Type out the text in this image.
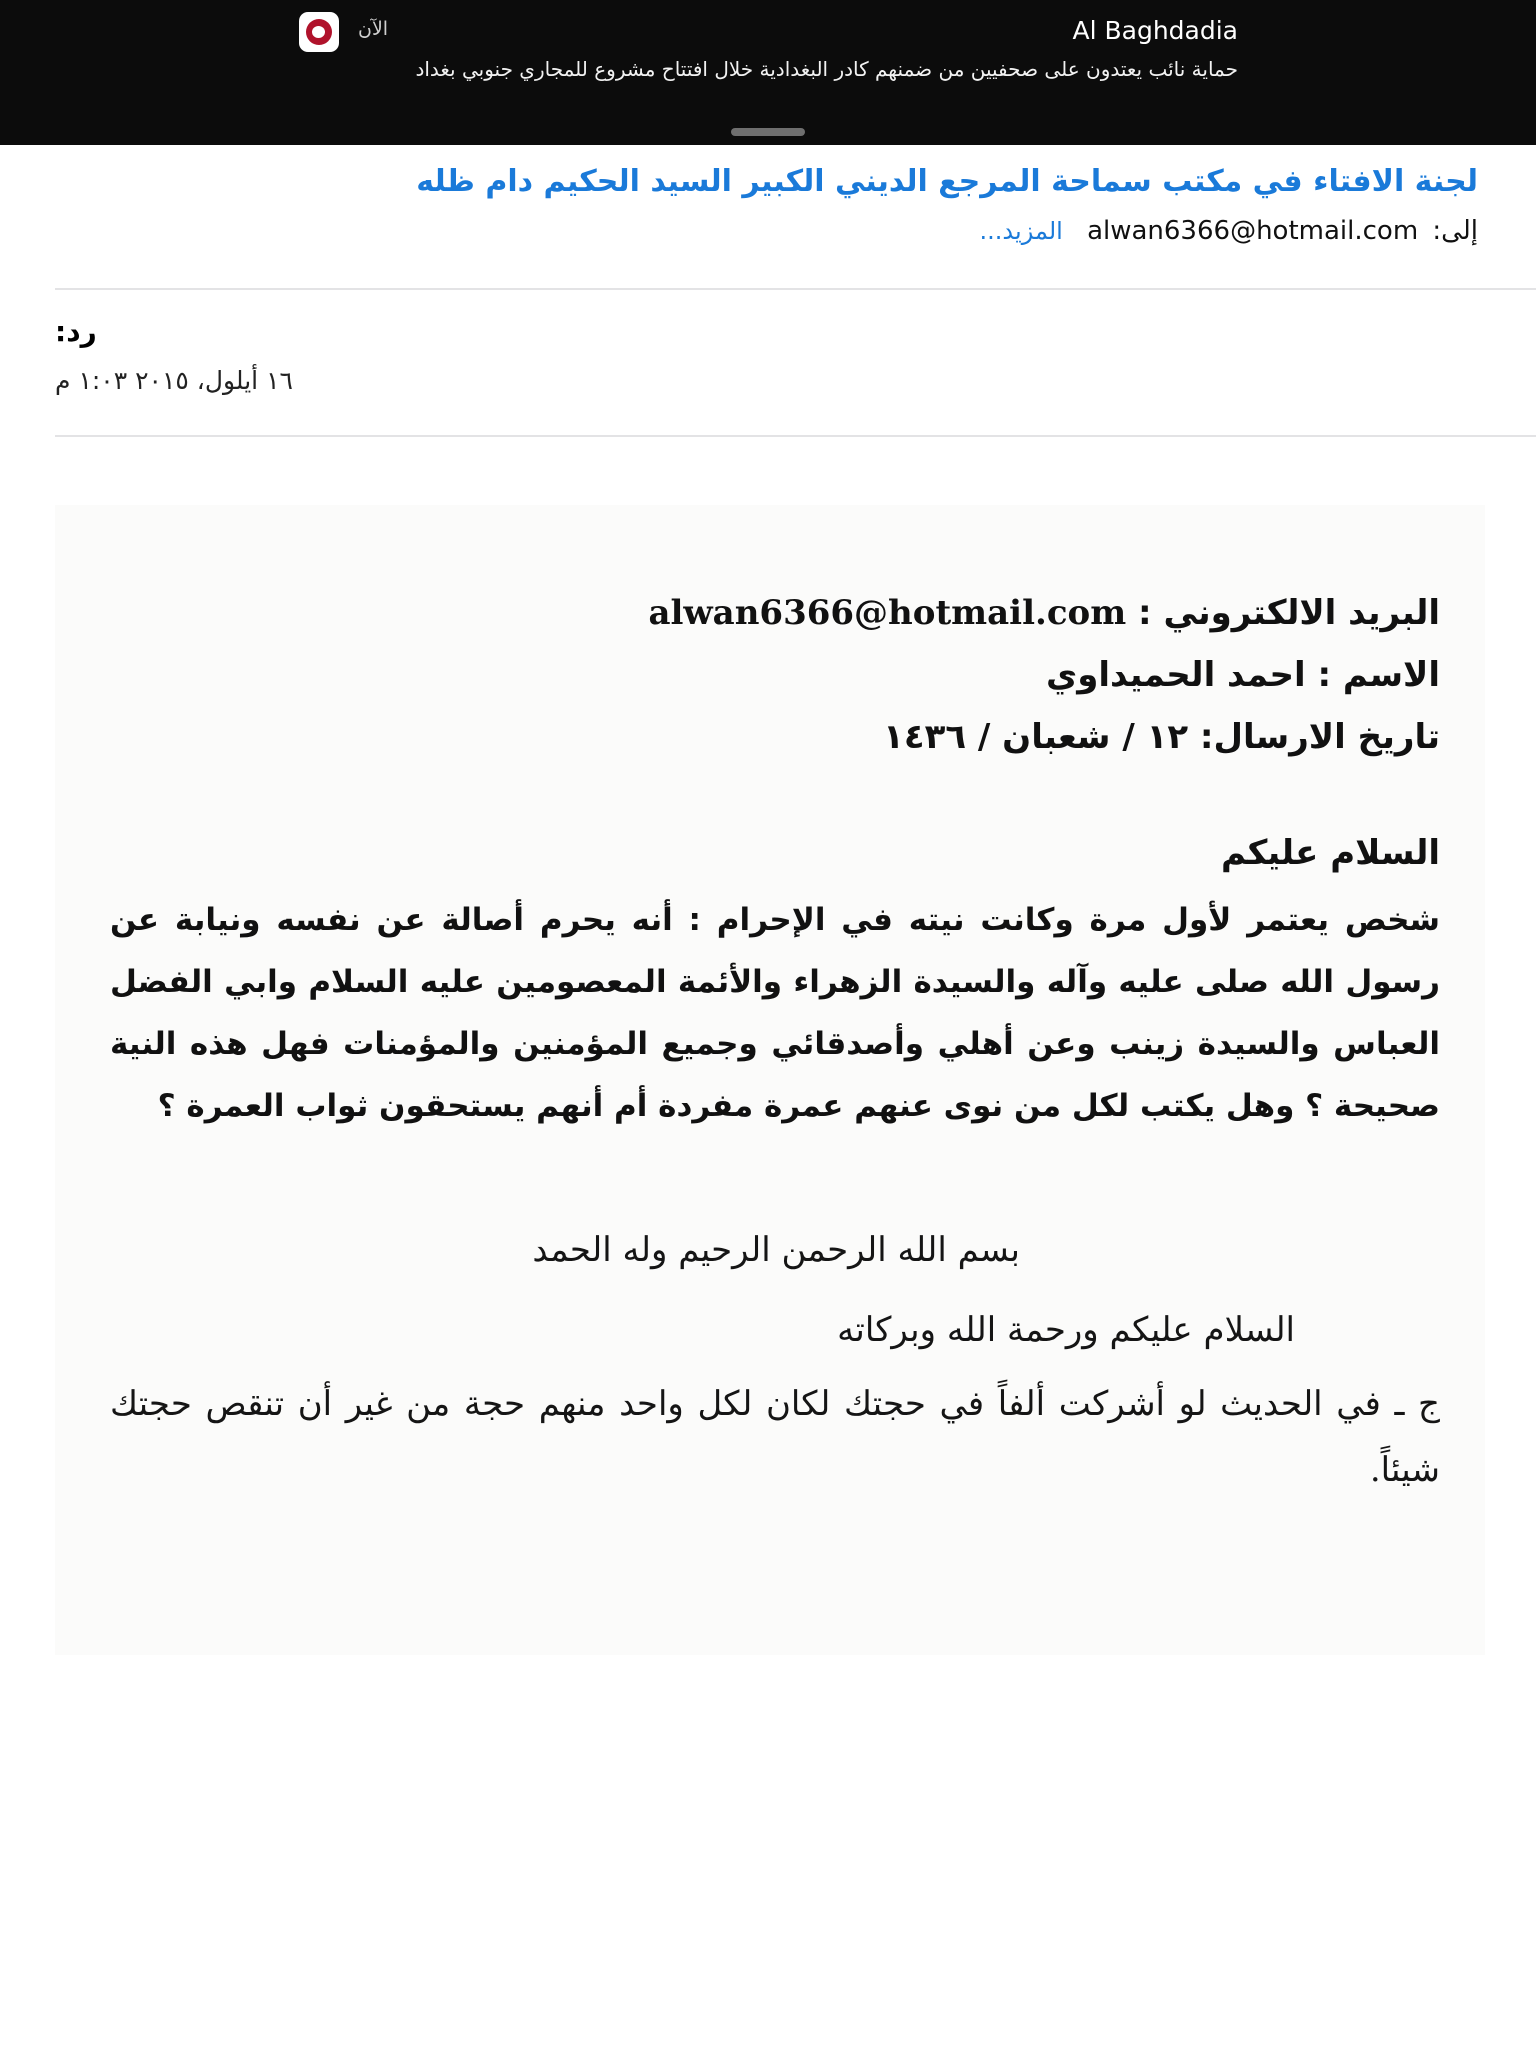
الآن	Al Baghdadia
حماية نائب يعتدون على صحفيين من ضمنهم كادر البغدادية خلال افتتاح مشروع للمجاري جنوبي بغداد
لجنة الافتاء في مكتب سماحة المرجع الديني الكبير السيد الحكيم دام ظله
إلى: alwan6366@hotmail.com المزيد...
رد:
١٦ أيلول، ٢٠١٥ ١:٠٣ م
البريد الالكتروني : alwan6366@hotmail.com
الاسم : احمد الحميداوي
تاريخ الارسال: ١٢ / شعبان / ١٤٣٦
السلام عليكم
شخص يعتمر لأول مرة وكانت نيته في الإحرام : أنه يحرم أصالة عن نفسه ونيابة عن رسول الله صلى عليه وآله والسيدة الزهراء والأئمة المعصومين عليه السلام وابي الفضل العباس والسيدة زينب وعن أهلي وأصدقائي وجميع المؤمنين والمؤمنات فهل هذه النية صحيحة ؟ وهل يكتب لكل من نوى عنهم عمرة مفردة أم أنهم يستحقون ثواب العمرة ؟
بسم الله الرحمن الرحيم وله الحمد
السلام عليكم ورحمة الله وبركاته
ج ـ في الحديث لو أشركت ألفاً في حجتك لكان لكل واحد منهم حجة من غير أن تنقص حجتك شيئاً.
